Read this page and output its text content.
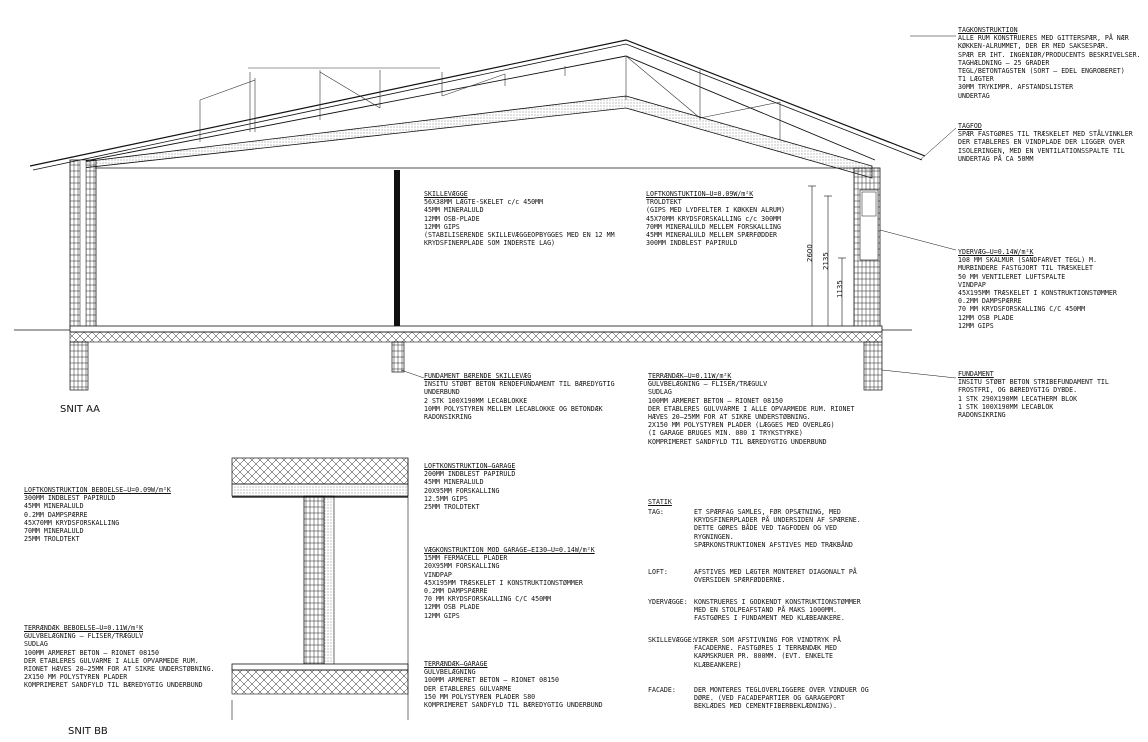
SNIT AA
SNIT BB
2600 2135
1135
TAGKONSTRUKTION
ALLE RUM KONSTRUERES MED GITTERSPÆR, PÅ NÆR
KØKKEN-ALRUMMET, DER ER MED SAKSESPÆR.
SPÆR ER IHT. INGENIØR/PRODUCENTS BESKRIVELSER.
TAGHÆLDNING – 25 GRADER
TEGL/BETONTAGSTEN (SORT – EDEL ENGROBERET)
T1 LÆGTER
30MM TRYKIMPR. AFSTANDSLISTER
UNDERTAG
TAGFOD
SPÆR FASTGØRES TIL TRÆSKELET MED STÅLVINKLER
DER ETABLERES EN VINDPLADE DER LIGGER OVER
ISOLERINGEN, MED EN VENTILATIONSSPALTE TIL
UNDERTAG PÅ CA 50MM
YDERVÆG–U=0.14W/m²K
108 MM SKALMUR (SANDFARVET TEGL) M.
MURBINDERE FASTGJORT TIL TRÆSKELET
50 MM VENTILERET LUFTSPALTE
VINDPAP
45X195MM TRÆSKELET I KONSTRUKTIONSTØMMER
0.2MM DAMPSPÆRRE
70 MM KRYDSFORSKALLING C/C 450MM
12MM OSB PLADE
12MM GIPS
FUNDAMENT
INSITU STØBT BETON STRIBEFUNDAMENT TIL
FROSTFRI, OG BÆREDYGTIG DYBDE.
1 STK 290X190MM LECATHERM BLOK
1 STK 100X190MM LECABLOK
RADONSIKRING
SKILLEVÆGGE
56X38MM LÆGTE-SKELET c/c 450MM
45MM MINERALULD
12MM OSB-PLADE
12MM GIPS
(STABILISERENDE SKILLEVÆGGEOPBYGGES MED EN 12 MM
KRYDSFINERPLADE SOM INDERSTE LAG)
LOFTKONSTUKTION–U=0.09W/m²K
TROLDTEKT
(GIPS MED LYDFELTER I KØKKEN ALRUM)
45X70MM KRYDSFORSKALLING c/c 300MM
70MM MINERALULD MELLEM FORSKALLING
45MM MINERALULD MELLEM SPÆRFØDDER
300MM INDBLEST PAPIRULD
FUNDAMENT BÆRENDE SKILLEVÆG
INSITU STØBT BETON RENDEFUNDAMENT TIL BÆREDYGTIG
UNDERBUND
2 STK 100X190MM LECABLOKKE
10MM POLYSTYREN MELLEM LECABLOKKE OG BETONDÆK
RADONSIKRING
TERRÆNDÆK–U=0.11W/m²K
GULVBELÆGNING – FLISER/TRÆGULV
SUDLAG
100MM ARMERET BETON – RIONET 08150
DER ETABLERES GULVVARME I ALLE OPVARMEDE RUM. RIONET
HÆVES 20–25MM FOR AT SIKRE UNDERSTØBNING.
2X150 MM POLYSTYREN PLADER (LÆGGES MED OVERLÆG)
(I GARAGE BRUGES MIN. 080 I TRYKSTYRKE)
KOMPRIMERET SANDFYLD TIL BÆREDYGTIG UNDERBUND
LOFTKONSTRUKTION BEBOELSE–U=0.09W/m²K
300MM INDBLEST PAPIRULD
45MM MINERALULD
0.2MM DAMPSPÆRRE
45X70MM KRYDSFORSKALLING
70MM MINERALULD
25MM TROLDTEKT
TERRÆNDÆK BEBOELSE–U=0.11W/m²K
GULVBELÆGNING – FLISER/TRÆGULV
SUDLAG
100MM ARMERET BETON – RIONET 08150
DER ETABLERES GULVARME I ALLE OPVARMEDE RUM.
RIONET HÆVES 20–25MM FOR AT SIKRE UNDERSTØBNING.
2X150 MM POLYSTYREN PLADER
KOMPRIMERET SANDFYLD TIL BÆREDYGTIG UNDERBUND
LOFTKONSTRUKTION–GARAGE
200MM INDBLEST PAPIRULD
45MM MINERALULD
20X95MM FORSKALLING
12.5MM GIPS
25MM TROLDTEKT
VÆGKONSTRUKTION MOD GARAGE–EI30–U=0.14W/m²K
15MM FERMACELL PLADER
20X95MM FORSKALLING
VINDPAP
45X195MM TRÆSKELET I KONSTRUKTIONSTØMMER
0.2MM DAMPSPÆRRE
70 MM KRYDSFORSKALLING C/C 450MM
12MM OSB PLADE
12MM GIPS
TERRÆNDÆK–GARAGE
GULVBELÆGNING
100MM ARMERET BETON – RIONET 08150
DER ETABLERES GULVARME
150 MM POLYSTYREN PLADER S80
KOMPRIMERET SANDFYLD TIL BÆREDYGTIG UNDERBUND
STATIK
TAG:	ET SPÆRFAG SAMLES, FØR OPSÆTNING, MED
KRYDSFINERPLADER PÅ UNDERSIDEN AF SPÆRENE.
DETTE GØRES BÅDE VED TAGFODEN OG VED
RYGNINGEN.
SPÆRKONSTRUKTIONEN AFSTIVES MED TRÆKBÅND
LOFT:	AFSTIVES MED LÆGTER MONTERET DIAGONALT PÅ
OVERSIDEN SPÆRFØDDERNE.
YDERVÆGGE: KONSTRUERES I GODKENDT KONSTRUKTIONSTØMMER
MED EN STOLPEAFSTAND PÅ MAKS 1000MM.
FASTGØRES I FUNDAMENT MED KLÆBEANKERE.
SKILLEVÆGGE:
VIRKER SOM AFSTIVNING FOR VINDTRYK PÅ
FACADERNE. FASTGØRES I TERRÆNDÆK MED
KARMSKRUER PR. 800MM. (EVT. ENKELTE
KLÆBEANKERE)
FACADE:	DER MONTERES TEGLOVERLIGGERE OVER VINDUER OG
DØRE. (VED FACADEPARTIER OG GARAGEPORT
BEKLÆDES MED CEMENTFIBERBEKLÆDNING).
